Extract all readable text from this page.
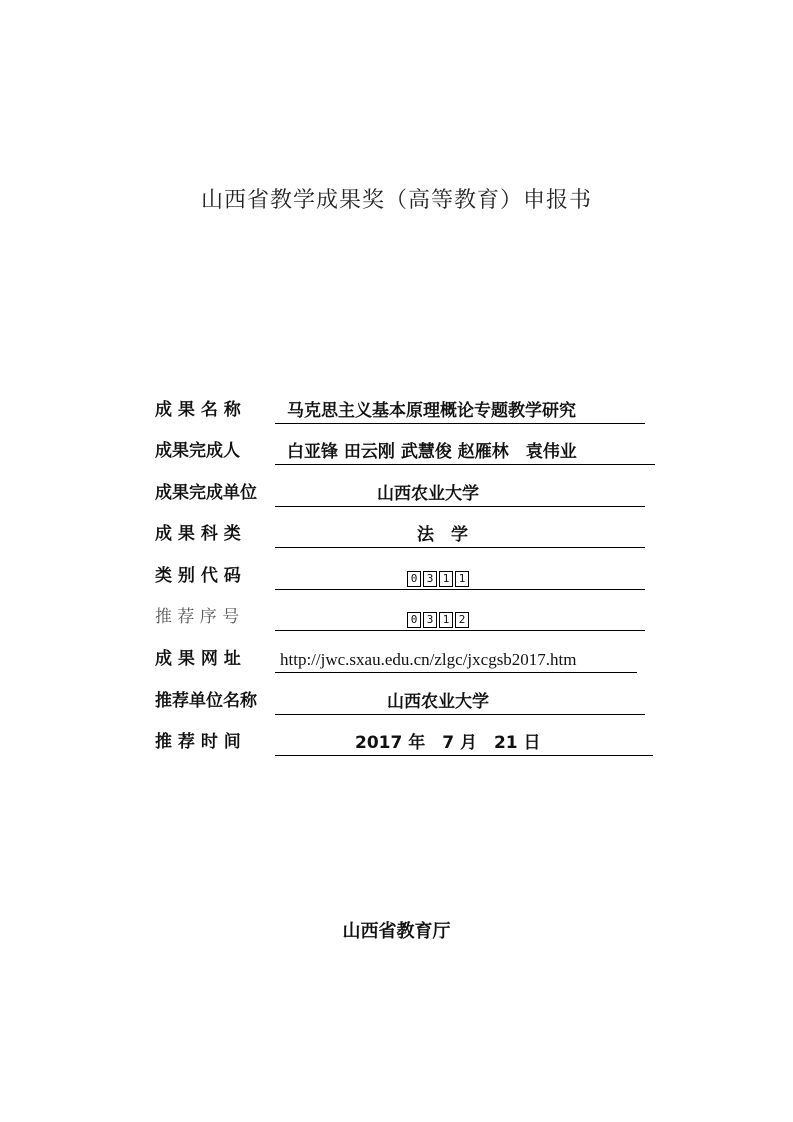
山西省教学成果奖（高等教育）申报书
成 果 名 称	马克思主义基本原理概论专题教学研究
成果完成人	白亚锋 田云刚 武慧俊 赵雁林　袁伟业
成果完成单位	山西农业大学
成 果 科 类	法　学
类 别 代 码	0 3 1 1
推 荐 序 号	0 3 1 2
成 果 网 址 http://jwc.sxau.edu.cn/zlgc/jxcgsb2017.htm
推荐单位名称	山西农业大学
推 荐 时 间	2017 年　7 月　21 日
山西省教育厅
